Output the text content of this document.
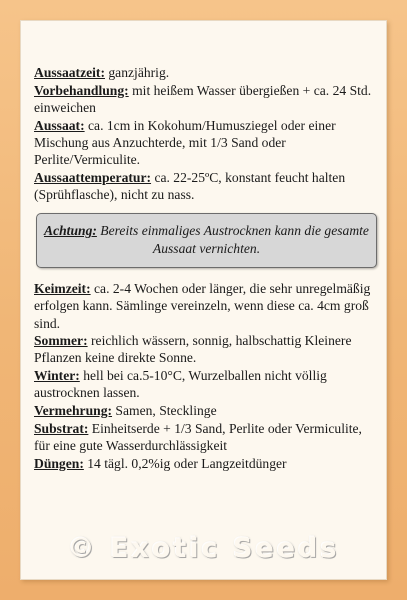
Aussaatzeit: ganzjährig.

Vorbehandlung: mit heißem Wasser übergießen + ca. 24 Std. einweichen

Aussaat: ca. 1cm in Kokohum/Humusziegel oder einer Mischung aus Anzuchterde, mit 1/3 Sand oder Perlite/Vermiculite.

Aussaattemperatur: ca. 22-25ºC, konstant feucht halten (Sprühflasche), nicht zu nass.

Achtung: Bereits einmaliges Austrocknen kann die gesamte Aussaat vernichten.

Keimzeit: ca. 2-4 Wochen oder länger, die sehr unregelmäßig erfolgen kann. Sämlinge vereinzeln, wenn diese ca. 4cm groß sind.

Sommer: reichlich wässern, sonnig, halbschattig Kleinere Pflanzen keine direkte Sonne.

Winter: hell bei ca.5-10°C, Wurzelballen nicht völlig austrocknen lassen.

Vermehrung: Samen, Stecklinge

Substrat: Einheitserde + 1/3 Sand, Perlite oder Vermiculite, für eine gute Wasserdurchlässigkeit

Düngen: 14 tägl. 0,2%ig oder Langzeitdünger

© Exotic Seeds
